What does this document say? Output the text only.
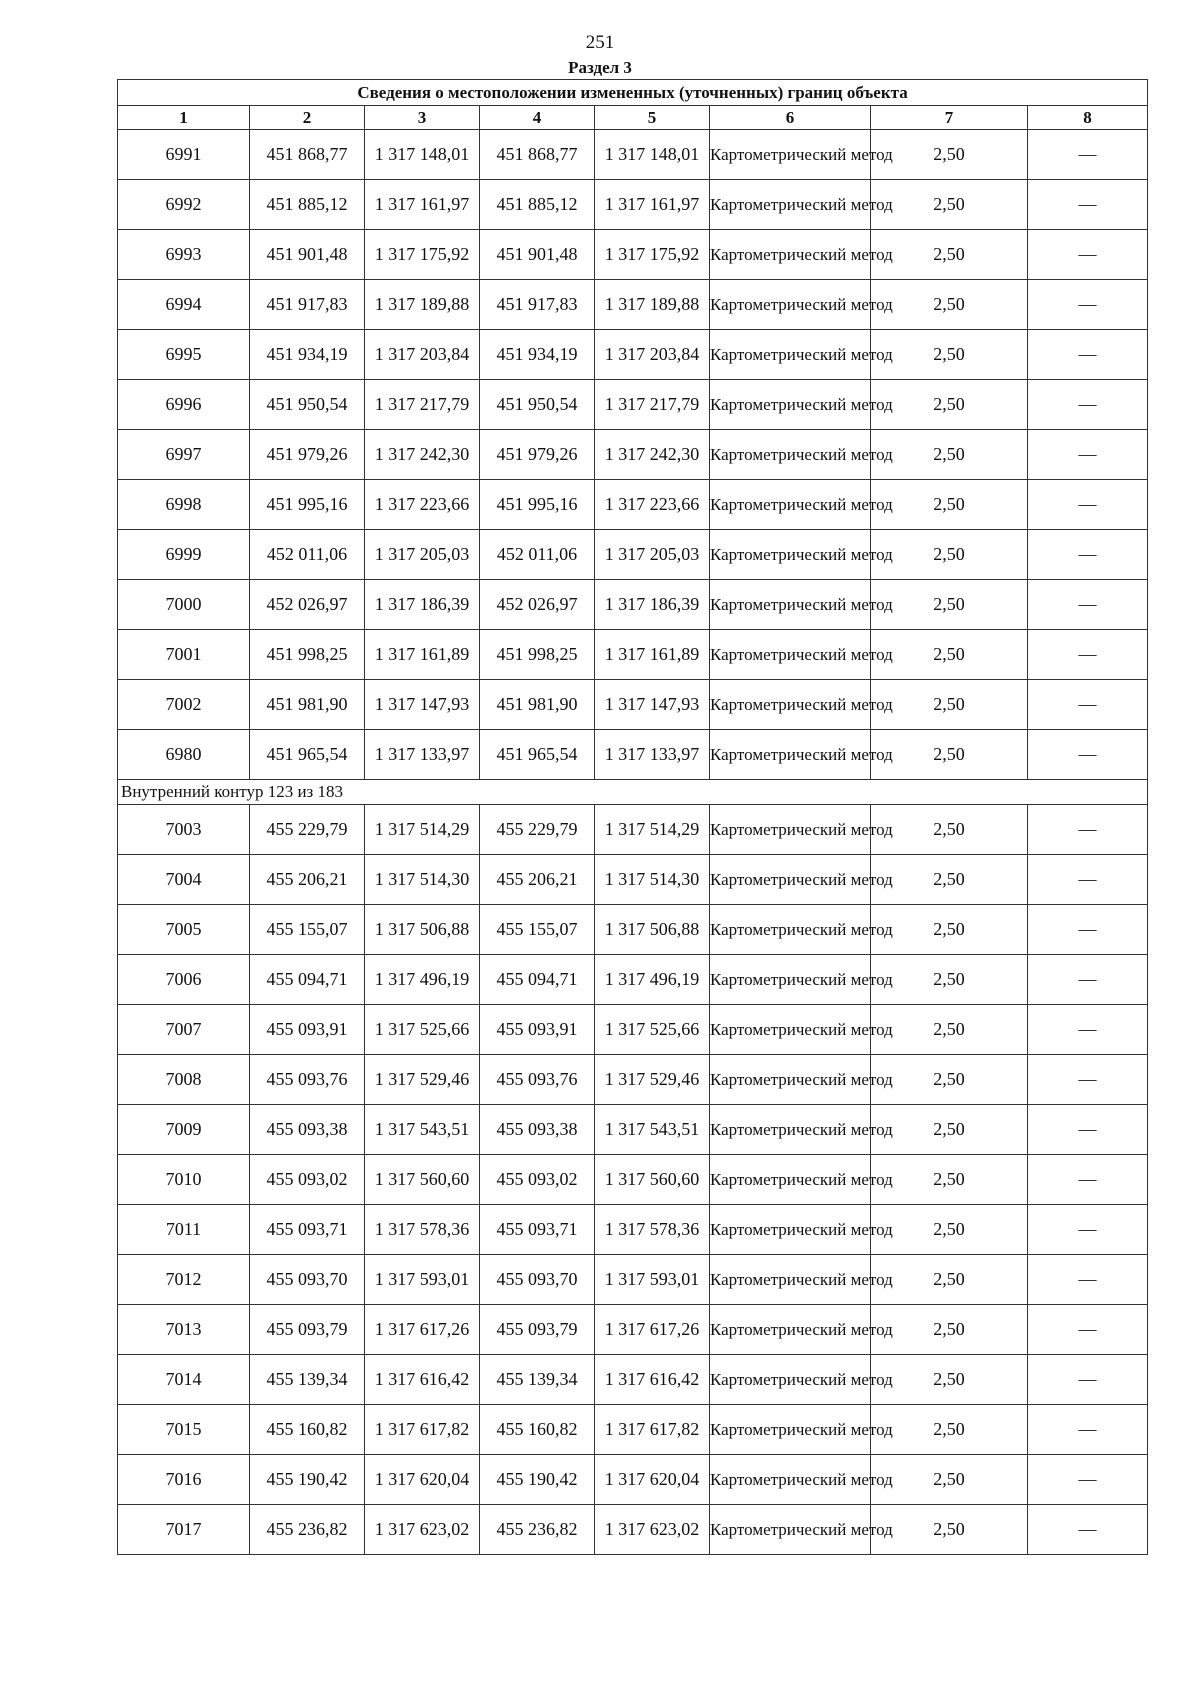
251
Раздел 3
Сведения о местоположении измененных (уточненных) границ объекта							
1	2	3	4	5	6	7	8
6991	451 868,77	1 317 148,01	451 868,77	1 317 148,01	Картометрический метод	2,50	—
6992	451 885,12	1 317 161,97	451 885,12	1 317 161,97	Картометрический метод	2,50	—
6993	451 901,48	1 317 175,92	451 901,48	1 317 175,92	Картометрический метод	2,50	—
6994	451 917,83	1 317 189,88	451 917,83	1 317 189,88	Картометрический метод	2,50	—
6995	451 934,19	1 317 203,84	451 934,19	1 317 203,84	Картометрический метод	2,50	—
6996	451 950,54	1 317 217,79	451 950,54	1 317 217,79	Картометрический метод	2,50	—
6997	451 979,26	1 317 242,30	451 979,26	1 317 242,30	Картометрический метод	2,50	—
6998	451 995,16	1 317 223,66	451 995,16	1 317 223,66	Картометрический метод	2,50	—
6999	452 011,06	1 317 205,03	452 011,06	1 317 205,03	Картометрический метод	2,50	—
7000	452 026,97	1 317 186,39	452 026,97	1 317 186,39	Картометрический метод	2,50	—
7001	451 998,25	1 317 161,89	451 998,25	1 317 161,89	Картометрический метод	2,50	—
7002	451 981,90	1 317 147,93	451 981,90	1 317 147,93	Картометрический метод	2,50	—
6980	451 965,54	1 317 133,97	451 965,54	1 317 133,97	Картометрический метод	2,50	—
Внутренний контур 123 из 183							
7003	455 229,79	1 317 514,29	455 229,79	1 317 514,29	Картометрический метод	2,50	—
7004	455 206,21	1 317 514,30	455 206,21	1 317 514,30	Картометрический метод	2,50	—
7005	455 155,07	1 317 506,88	455 155,07	1 317 506,88	Картометрический метод	2,50	—
7006	455 094,71	1 317 496,19	455 094,71	1 317 496,19	Картометрический метод	2,50	—
7007	455 093,91	1 317 525,66	455 093,91	1 317 525,66	Картометрический метод	2,50	—
7008	455 093,76	1 317 529,46	455 093,76	1 317 529,46	Картометрический метод	2,50	—
7009	455 093,38	1 317 543,51	455 093,38	1 317 543,51	Картометрический метод	2,50	—
7010	455 093,02	1 317 560,60	455 093,02	1 317 560,60	Картометрический метод	2,50	—
7011	455 093,71	1 317 578,36	455 093,71	1 317 578,36	Картометрический метод	2,50	—
7012	455 093,70	1 317 593,01	455 093,70	1 317 593,01	Картометрический метод	2,50	—
7013	455 093,79	1 317 617,26	455 093,79	1 317 617,26	Картометрический метод	2,50	—
7014	455 139,34	1 317 616,42	455 139,34	1 317 616,42	Картометрический метод	2,50	—
7015	455 160,82	1 317 617,82	455 160,82	1 317 617,82	Картометрический метод	2,50	—
7016	455 190,42	1 317 620,04	455 190,42	1 317 620,04	Картометрический метод	2,50	—
7017	455 236,82	1 317 623,02	455 236,82	1 317 623,02	Картометрический метод	2,50	—
